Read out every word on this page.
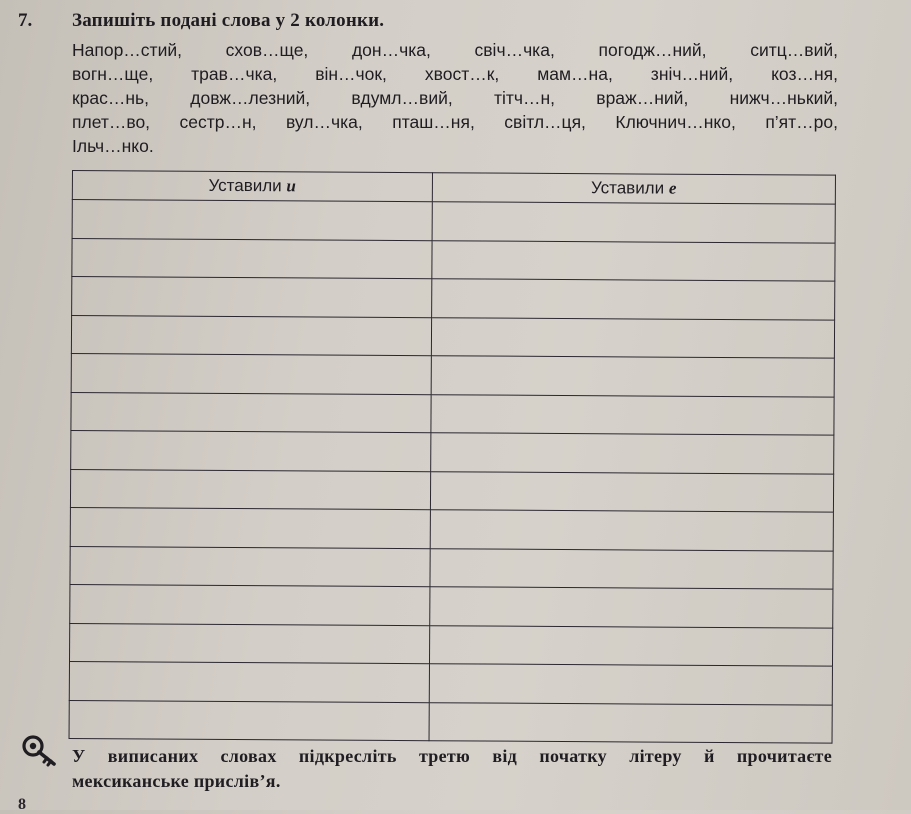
7. Запишіть подані слова у 2 колонки.
Напор…стий, схов…ще, дон…чка, свіч…чка, погодж…ний, ситц…вий,
вогн…ще, трав…чка, він…чок, хвост…к, мам…на, зніч…ний, коз…ня,
крас…нь, довж…лезний, вдумл…вий, тітч…н, враж…ний, нижч…нький,
плет…во, сестр…н, вул…чка, пташ…ня, світл…ця, Ключнич…нко, п’ят…ро,
Ільч…нко.
Уставили и	Уставили е

У виписаних словах підкресліть третю від початку літеру й прочитаєте
мексиканське прислів’я.
8
